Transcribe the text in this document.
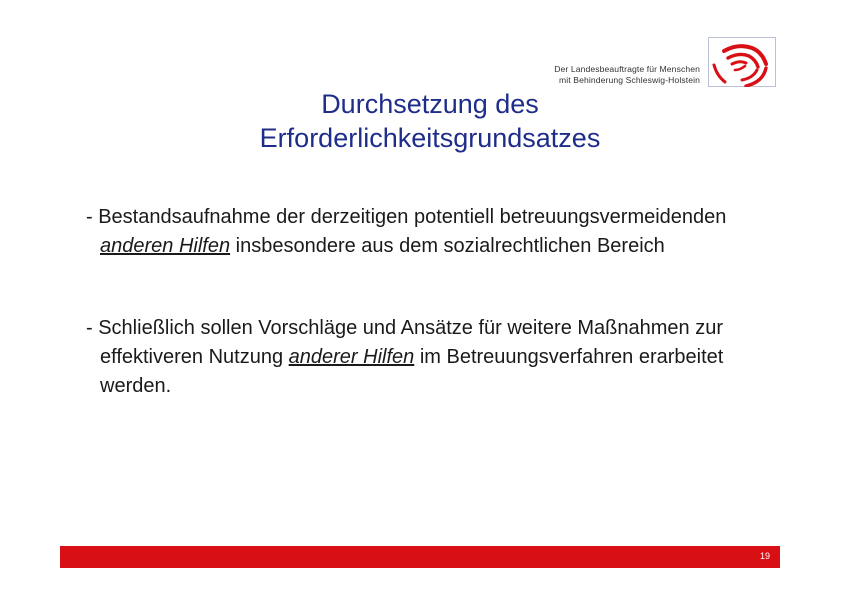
Der Landesbeauftragte für Menschen
mit Behinderung Schleswig-Holstein
Durchsetzung des
Erforderlichkeitsgrundsatzes

- Bestandsaufnahme der derzeitigen potentiell betreuungsvermeidenden anderen Hilfen insbesondere aus dem sozialrechtlichen Bereich

- Schließlich sollen Vorschläge und Ansätze für weitere Maßnahmen zur effektiveren Nutzung anderer Hilfen im Betreuungsverfahren erarbeitet werden.

19
